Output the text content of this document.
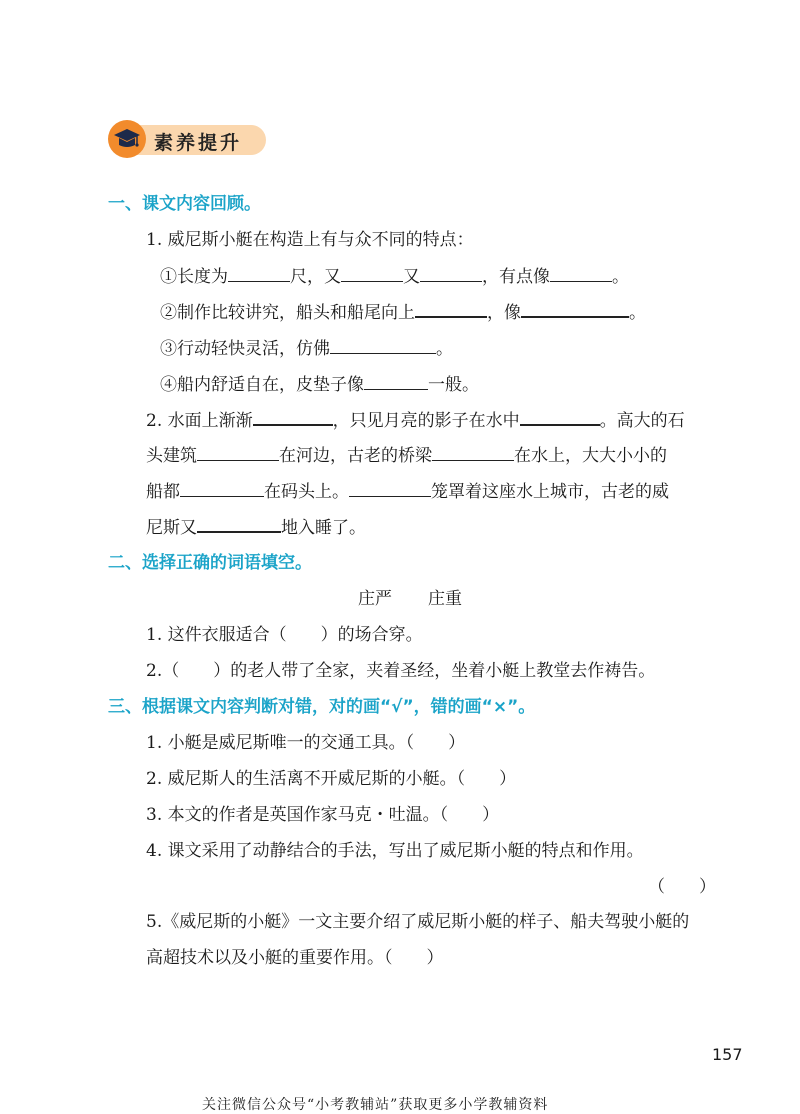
素养提升
一、课文内容回顾。
1. 威尼斯小艇在构造上有与众不同的特点：
①长度为	尺，又	又	，有点像	。
②制作比较讲究，船头和船尾向上	，像	。
③行动轻快灵活，仿佛	。
④船内舒适自在，皮垫子像	一般。
2. 水面上渐渐	，只见月亮的影子在水中	。高大的石
头建筑	在河边，古老的桥梁	在水上，大大小小的
船都	在码头上。	笼罩着这座水上城市，古老的威
尼斯又	地入睡了。
二、选择正确的词语填空。
庄严 庄重
1. 这件衣服适合（ ）的场合穿。
2.（ ）的老人带了全家，夹着圣经，坐着小艇上教堂去作祷告。
三、根据课文内容判断对错，对的画“√”，错的画“×”。
1. 小艇是威尼斯唯一的交通工具。（ ）
2. 威尼斯人的生活离不开威尼斯的小艇。（ ）
3. 本文的作者是英国作家马克・吐温。（ ）
4. 课文采用了动静结合的手法，写出了威尼斯小艇的特点和作用。
（ ）
5.《威尼斯的小艇》一文主要介绍了威尼斯小艇的样子、船夫驾驶小艇的
高超技术以及小艇的重要作用。（ ）
157
关注微信公众号“小考教辅站”获取更多小学教辅资料
